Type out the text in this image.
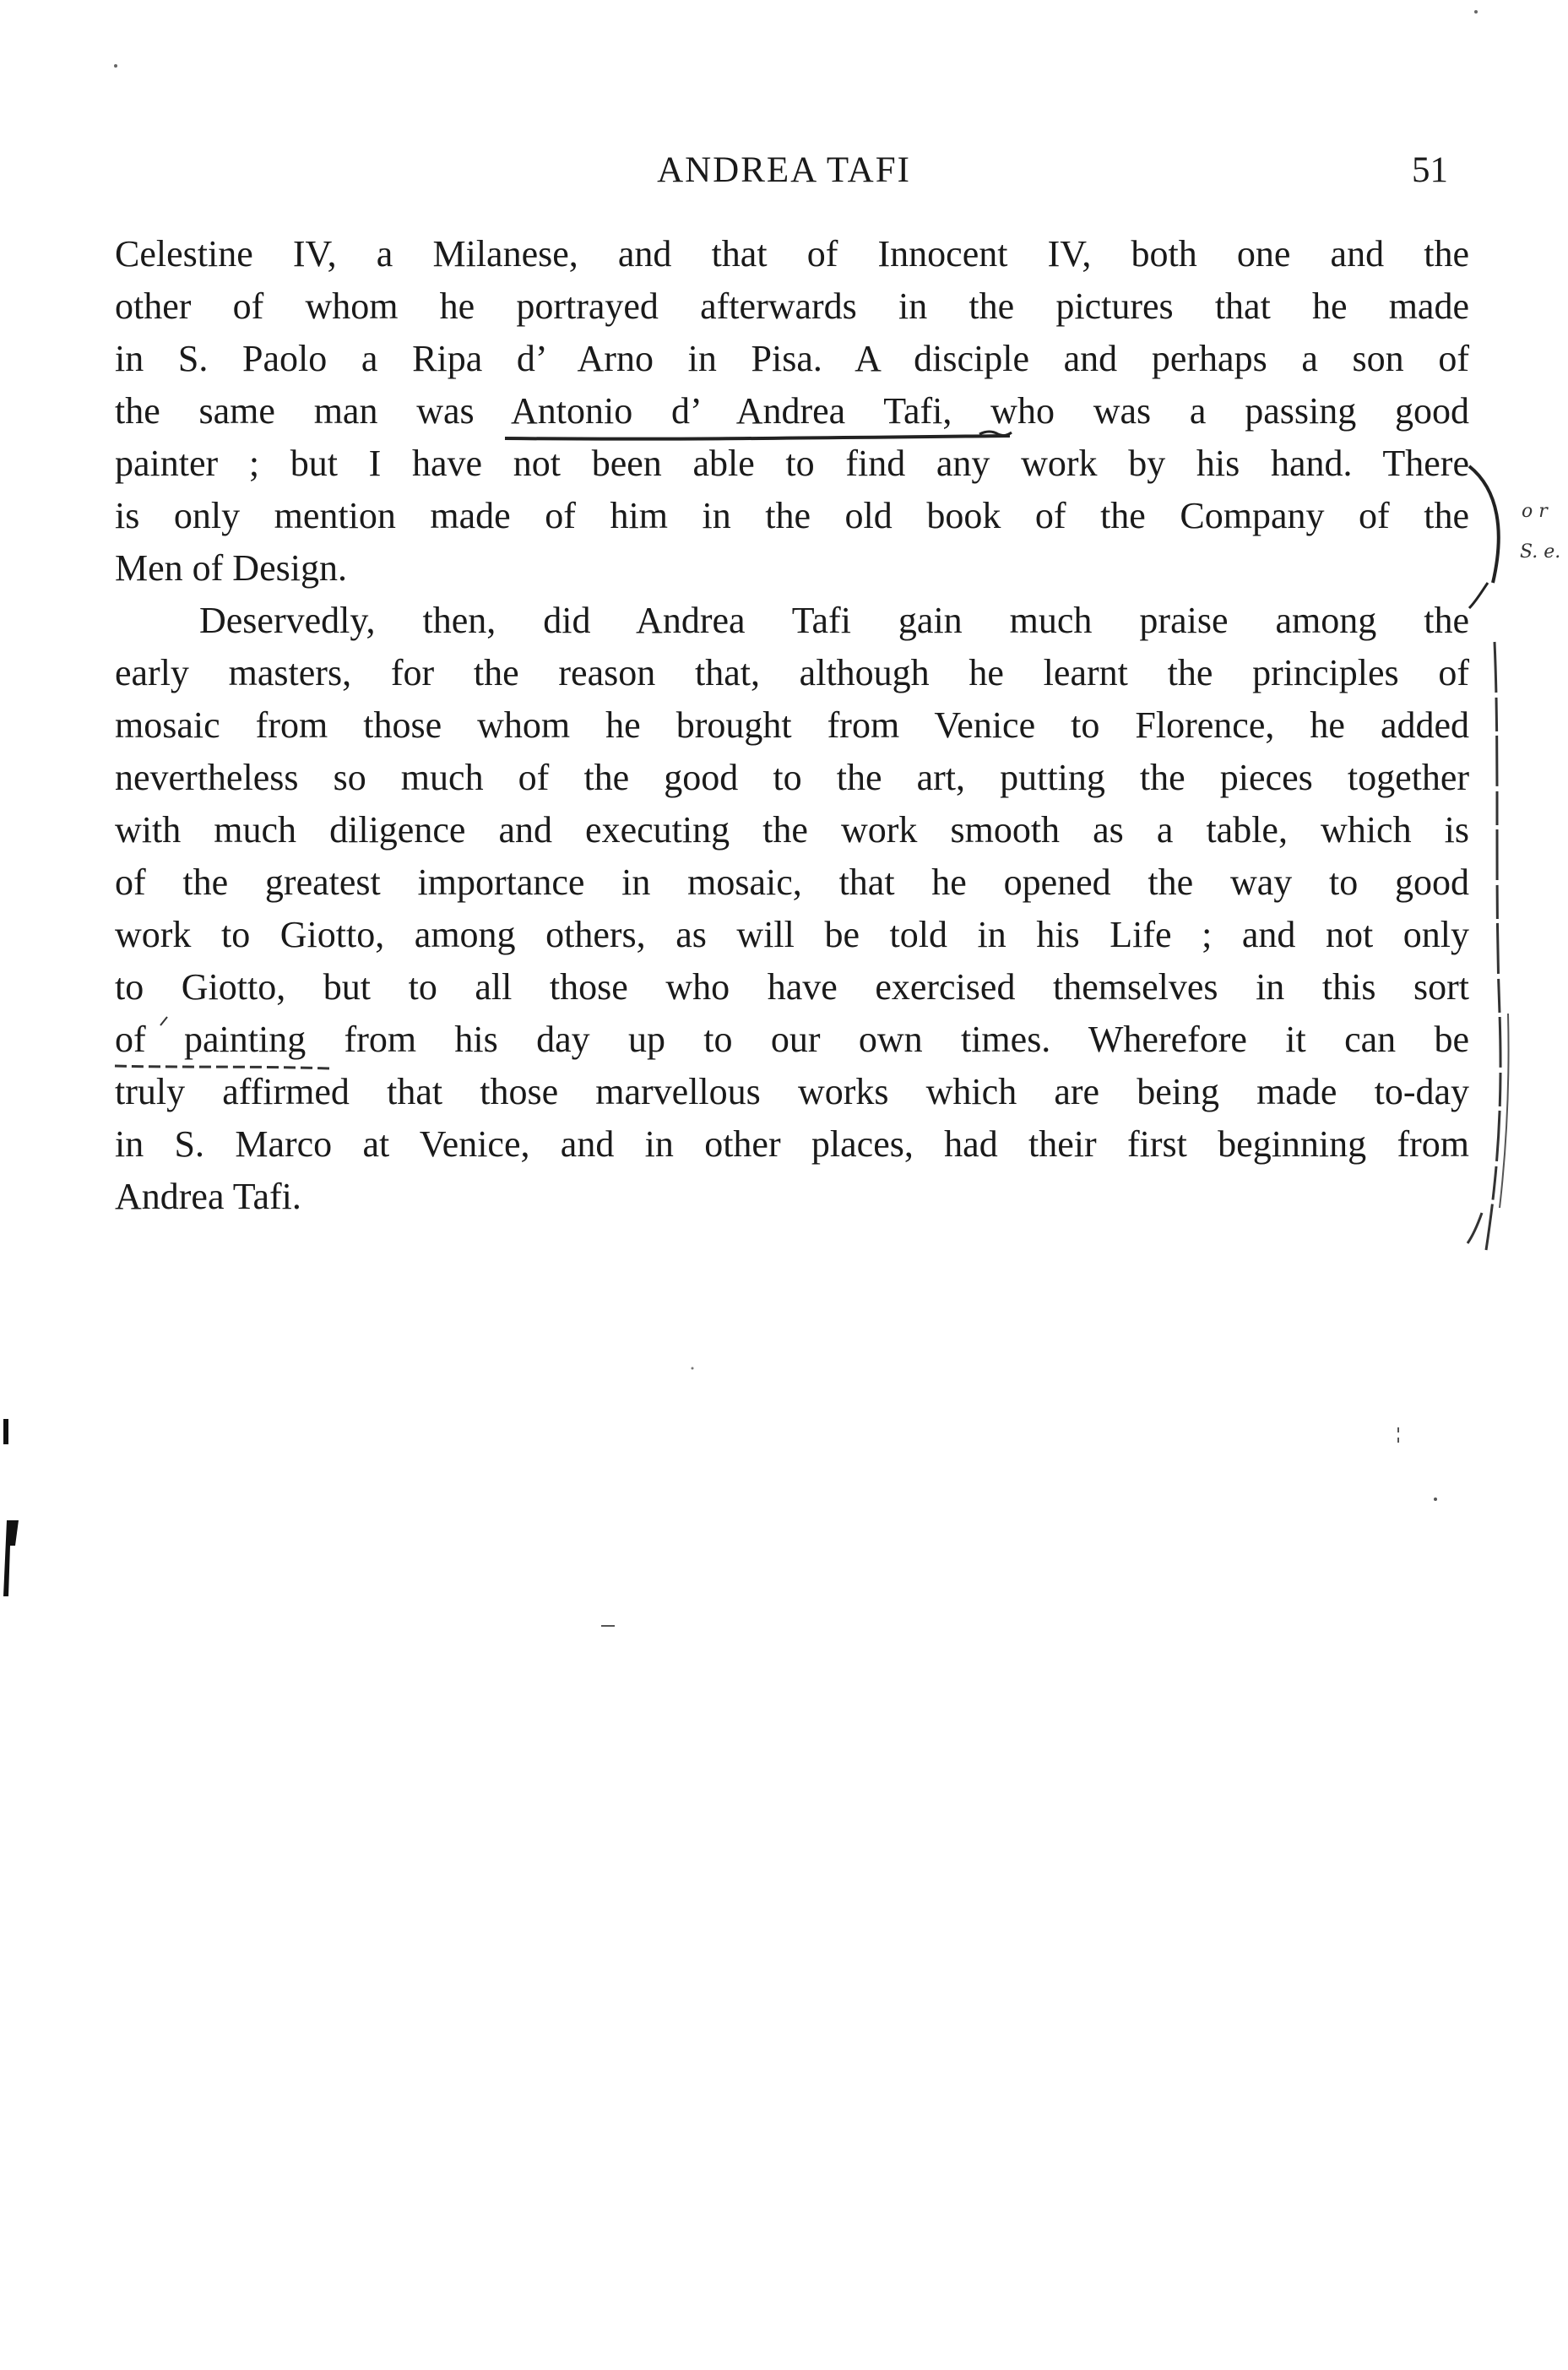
ANDREA TAFI	51
Celestine IV, a Milanese, and that of Innocent IV, both one and the
other of whom he portrayed afterwards in the pictures that he made
in S. Paolo a Ripa d’ Arno in Pisa. A disciple and perhaps a son of
the same man was Antonio d’ Andrea Tafi, who was a passing good
painter ; but I have not been able to find any work by his hand. There
is only mention made of him in the old book of the Company of the
Men of Design.
Deservedly, then, did Andrea Tafi gain much praise among the
early masters, for the reason that, although he learnt the principles of
mosaic from those whom he brought from Venice to Florence, he added
nevertheless so much of the good to the art, putting the pieces together
with much diligence and executing the work smooth as a table, which is
of the greatest importance in mosaic, that he opened the way to good
work to Giotto, among others, as will be told in his Life ; and not only
to Giotto, but to all those who have exercised themselves in this sort
of painting from his day up to our own times. Wherefore it can be
truly affirmed that those marvellous works which are being made to-day
in S. Marco at Venice, and in other places, had their first beginning from
Andrea Tafi.
o r
S. e.
